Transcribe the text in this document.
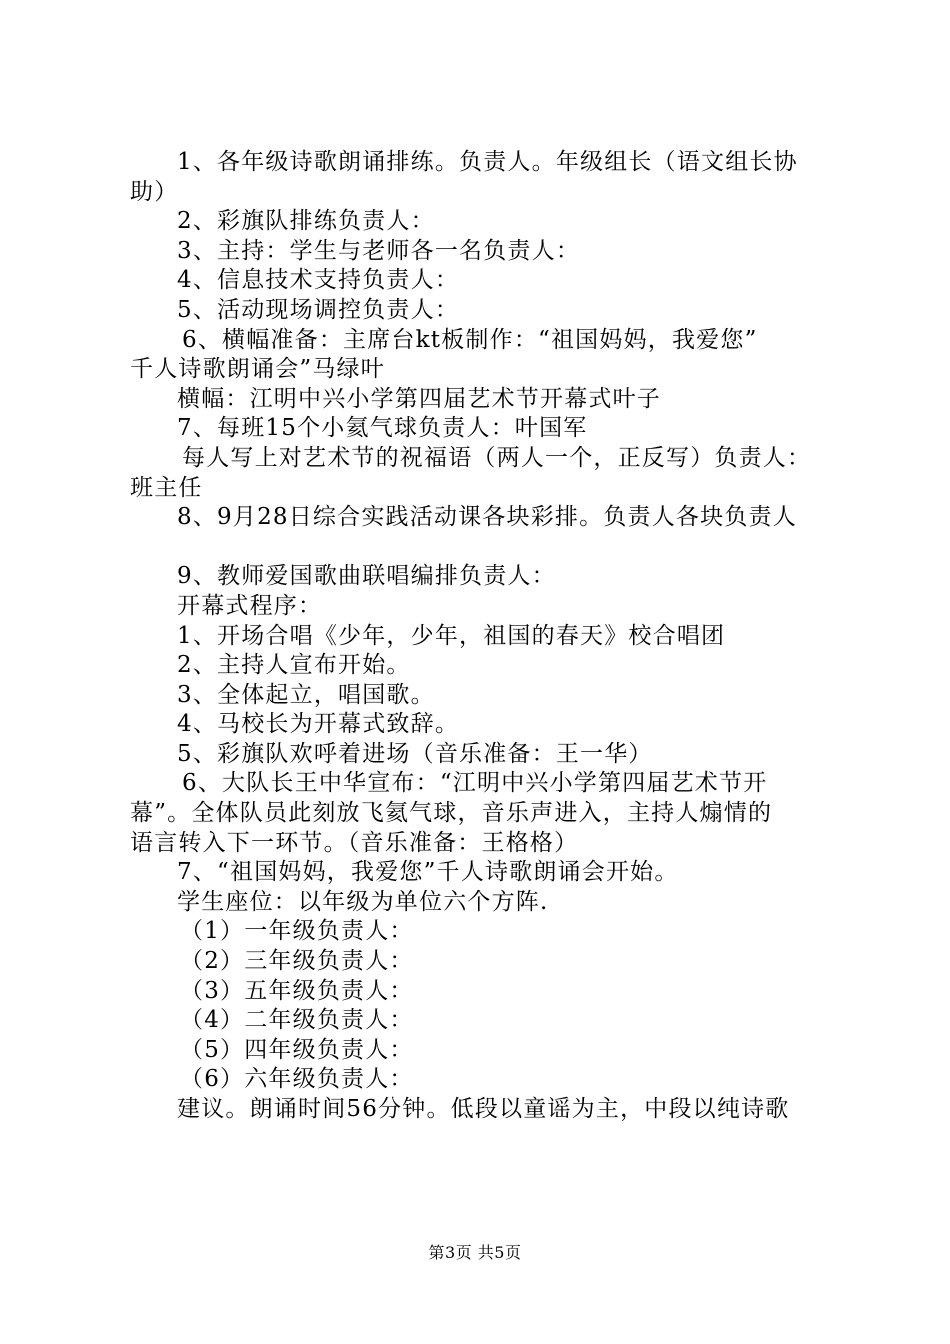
1、各年级诗歌朗诵排练。负责人。年级组长（语文组长协
助）
2、彩旗队排练负责人：
3、主持：学生与老师各一名负责人：
4、信息技术支持负责人：
5、活动现场调控负责人：
6、横幅准备：主席台kt板制作：“祖国妈妈，我爱您”
千人诗歌朗诵会”马绿叶
横幅：江明中兴小学第四届艺术节开幕式叶子
7、每班15个小氦气球负责人：叶国军
每人写上对艺术节的祝福语（两人一个，正反写）负责人：
班主任
8、9月28日综合实践活动课各块彩排。负责人各块负责人
9、教师爱国歌曲联唱编排负责人：
开幕式程序：
1、开场合唱《少年，少年，祖国的春天》校合唱团
2、主持人宣布开始。
3、全体起立，唱国歌。
4、马校长为开幕式致辞。
5、彩旗队欢呼着进场（音乐准备：王一华）
6、大队长王中华宣布：“江明中兴小学第四届艺术节开
幕”。全体队员此刻放飞氦气球，音乐声进入，主持人煽情的
语言转入下一环节。（音乐准备：王格格）
7、“祖国妈妈，我爱您”千人诗歌朗诵会开始。
学生座位：以年级为单位六个方阵.
（1）一年级负责人：
（2）三年级负责人：
（3）五年级负责人：
（4）二年级负责人：
（5）四年级负责人：
（6）六年级负责人：
建议。朗诵时间56分钟。低段以童谣为主，中段以纯诗歌
第3页 共5页
